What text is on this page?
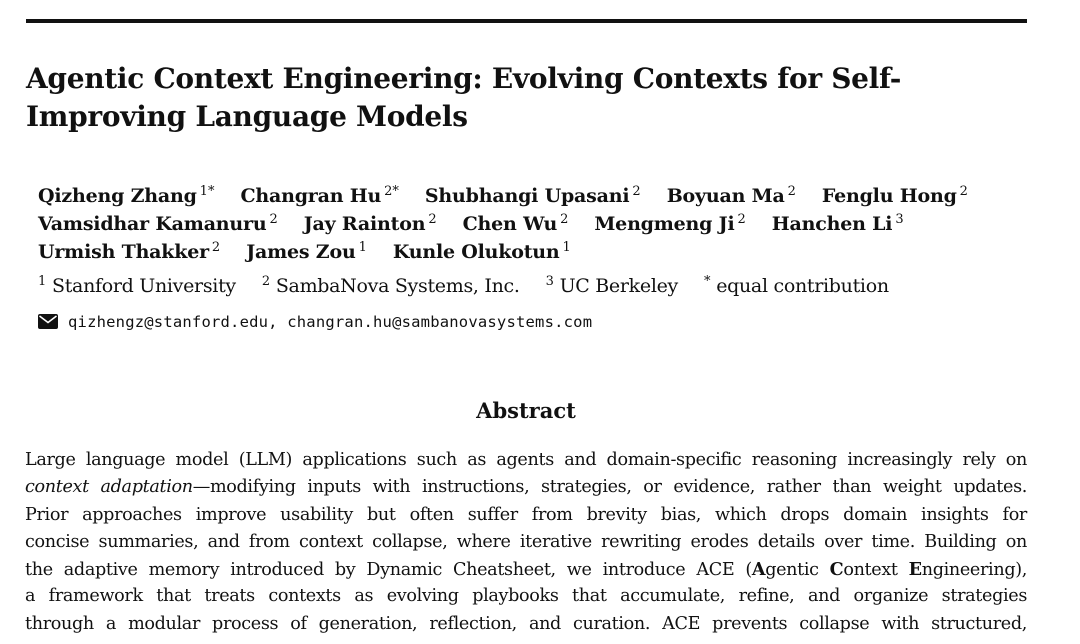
Agentic Context Engineering: Evolving Contexts for Self-Improving Language Models
Qizheng Zhang $^{1*}$ Changran Hu $^{2*}$ Shubhangi Upasani $^2$ Boyuan Ma $^2$ Fenglu Hong $^2$
Vamsidhar Kamanuru $^2$ Jay Rainton $^2$ Chen Wu $^2$ Mengmeng Ji $^2$ Hanchen Li $^3$
Urmish Thakker $^2$ James Zou $^1$ Kunle Olukotun $^1$
$^1$ Stanford University $^2$ SambaNova Systems, Inc. $^3$ UC Berkeley * equal contribution
qizhengz@stanford.edu, changran.hu@sambanovasystems.com
Abstract
Large language model (LLM) applications such as agents and domain-specific reasoning increasingly rely on
context adaptation—modifying inputs with instructions, strategies, or evidence, rather than weight updates.
Prior approaches improve usability but often suffer from brevity bias, which drops domain insights for
concise summaries, and from context collapse, where iterative rewriting erodes details over time. Building on
the adaptive memory introduced by Dynamic Cheatsheet, we introduce ACE (Agentic Context Engineering),
a framework that treats contexts as evolving playbooks that accumulate, refine, and organize strategies
through a modular process of generation, reflection, and curation. ACE prevents collapse with structured,
